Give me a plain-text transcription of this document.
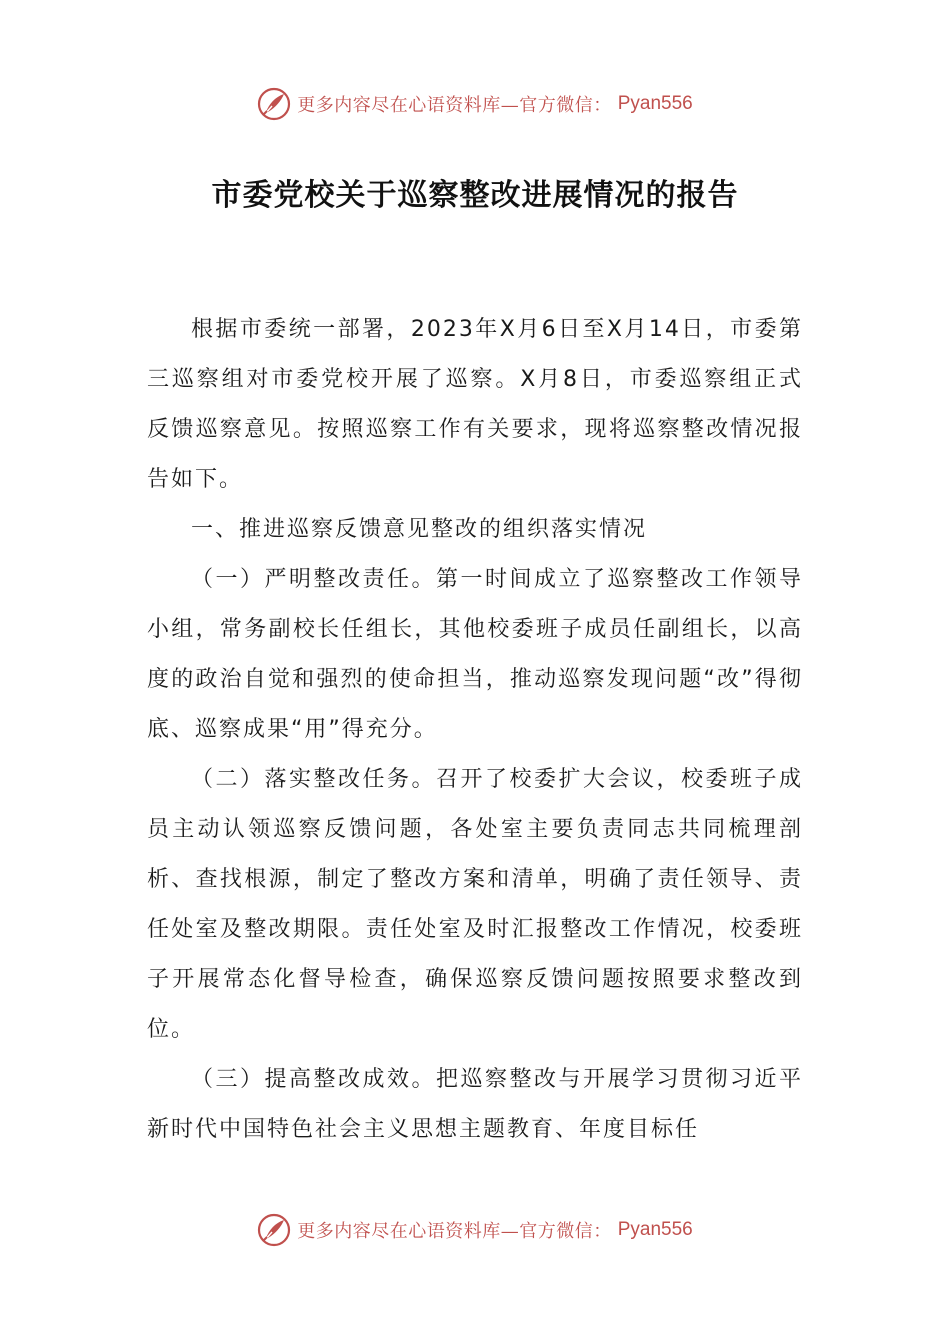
更多内容尽在心语资料库—官方微信： Pyan556
市委党校关于巡察整改进展情况的报告

根据市委统一部署，2023年X月6日至X月14日，市委第三巡察组对市委党校开展了巡察。X月8日，市委巡察组正式反馈巡察意见。按照巡察工作有关要求，现将巡察整改情况报告如下。

一、推进巡察反馈意见整改的组织落实情况

（一）严明整改责任。第一时间成立了巡察整改工作领导小组，常务副校长任组长，其他校委班子成员任副组长，以高度的政治自觉和强烈的使命担当，推动巡察发现问题“改”得彻底、巡察成果“用”得充分。

（二）落实整改任务。召开了校委扩大会议，校委班子成员主动认领巡察反馈问题，各处室主要负责同志共同梳理剖析、查找根源，制定了整改方案和清单，明确了责任领导、责任处室及整改期限。责任处室及时汇报整改工作情况，校委班子开展常态化督导检查，确保巡察反馈问题按照要求整改到位。

（三）提高整改成效。把巡察整改与开展学习贯彻习近平新时代中国特色社会主义思想主题教育、年度目标任

更多内容尽在心语资料库—官方微信： Pyan556
